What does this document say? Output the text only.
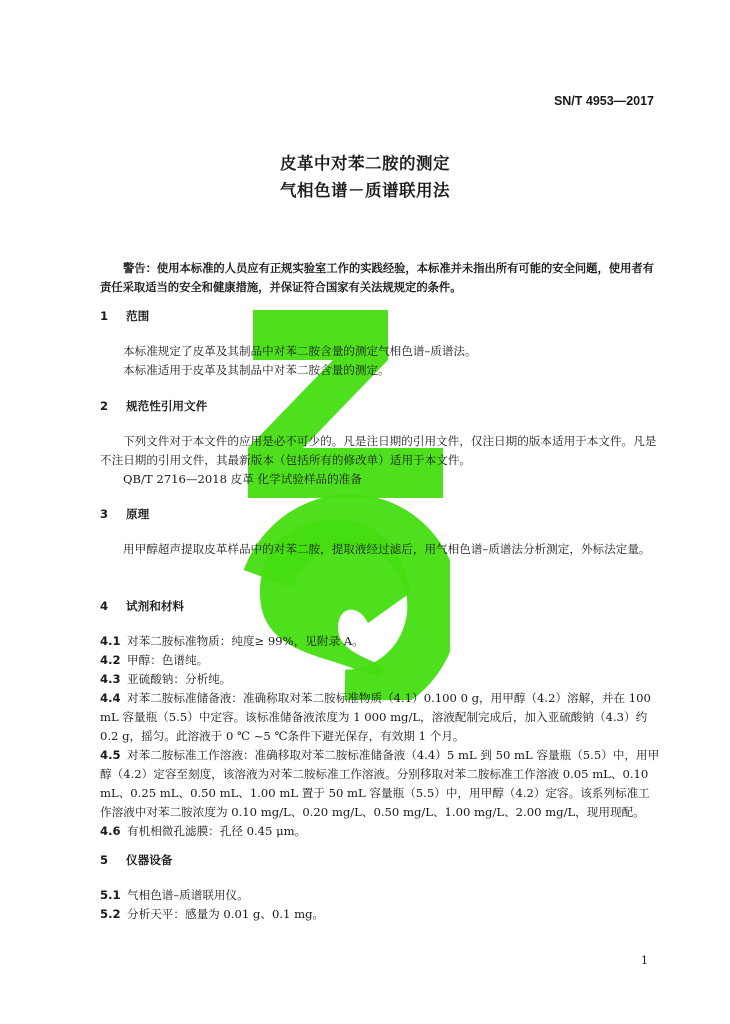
SN/T 4953—2017
皮革中对苯二胺的测定
气相色谱－质谱联用法

警告：使用本标准的人员应有正规实验室工作的实践经验，本标准并未指出所有可能的安全问题，使用者有责任采取适当的安全和健康措施，并保证符合国家有关法规规定的条件。

1 范围

本标准规定了皮革及其制品中对苯二胺含量的测定气相色谱–质谱法。

本标准适用于皮革及其制品中对苯二胺含量的测定。

2 规范性引用文件

下列文件对于本文件的应用是必不可少的。凡是注日期的引用文件，仅注日期的版本适用于本文件。凡是不注日期的引用文件，其最新版本（包括所有的修改单）适用于本文件。

QB/T 2716—2018 皮革 化学试验样品的准备

3 原理

用甲醇超声提取皮革样品中的对苯二胺，提取液经过滤后，用气相色谱–质谱法分析测定，外标法定量。

4 试剂和材料

4.1 对苯二胺标准物质：纯度≥ 99%，见附录 A。

4.2 甲醇：色谱纯。

4.3 亚硫酸钠：分析纯。

4.4 对苯二胺标准储备液：准确称取对苯二胺标准物质（4.1）0.100 0 g，用甲醇（4.2）溶解，并在 100 mL 容量瓶（5.5）中定容。该标准储备液浓度为 1 000 mg/L，溶液配制完成后，加入亚硫酸钠（4.3）约 0.2 g，摇匀。此溶液于 0 ℃ ~5 ℃条件下避光保存，有效期 1 个月。

4.5 对苯二胺标准工作溶液：准确移取对苯二胺标准储备液（4.4）5 mL 到 50 mL 容量瓶（5.5）中，用甲醇（4.2）定容至刻度，该溶液为对苯二胺标准工作溶液。分别移取对苯二胺标准工作溶液 0.05 mL、0.10 mL、0.25 mL、0.50 mL、1.00 mL 置于 50 mL 容量瓶（5.5）中，用甲醇（4.2）定容。该系列标准工作溶液中对苯二胺浓度为 0.10 mg/L、0.20 mg/L、0.50 mg/L、1.00 mg/L、2.00 mg/L，现用现配。

4.6 有机相微孔滤膜：孔径 0.45 μm。

5 仪器设备

5.1 气相色谱–质谱联用仪。

5.2 分析天平：感量为 0.01 g、0.1 mg。

1
